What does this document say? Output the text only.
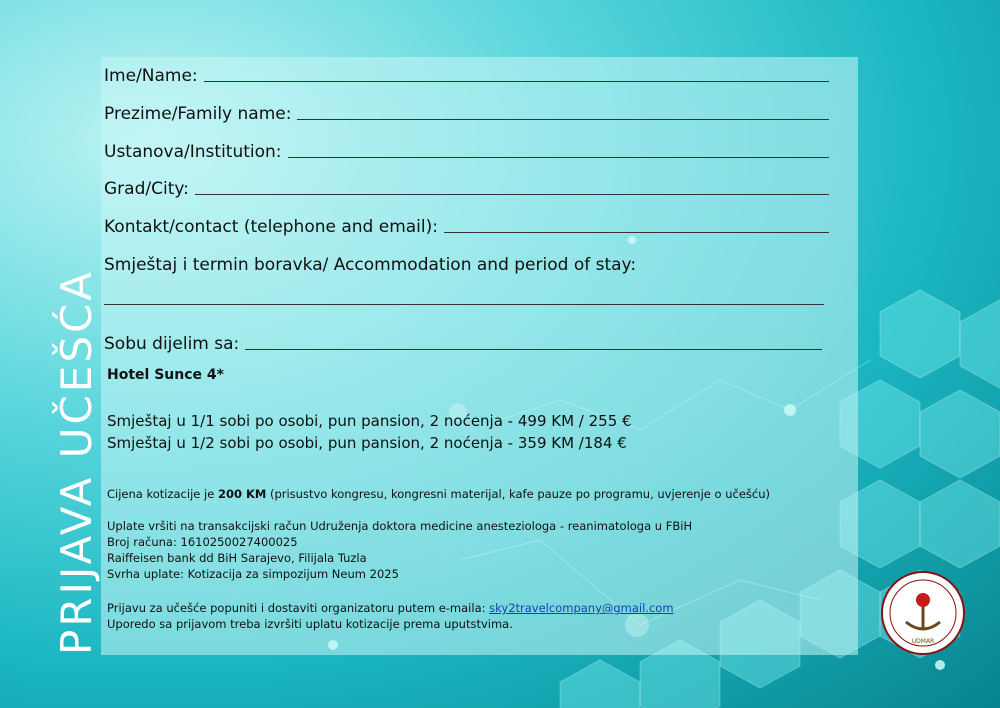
PRIJAVA UČEŠĆA
Ime/Name:
Prezime/Family name:
Ustanova/Institution:
Grad/City:
Kontakt/contact (telephone and email):
Smještaj i termin boravka/ Accommodation and period of stay:
Sobu dijelim sa:
Hotel Sunce 4*
Smještaj u 1/1 sobi po osobi, pun pansion, 2 noćenja - 499 KM / 255 €
Smještaj u 1/2 sobi po osobi, pun pansion, 2 noćenja - 359 KM /184 €
Cijena kotizacije je 200 KM (prisustvo kongresu, kongresni materijal, kafe pauze po programu, uvjerenje o učešću)
Uplate vršiti na transakcijski račun Udruženja doktora medicine anesteziologa - reanimatologa u FBiH
Broj računa: 1610250027400025
Raiffeisen bank dd BiH Sarajevo, Filijala Tuzla
Svrha uplate: Kotizacija za simpozijum Neum 2025
Prijavu za učešće popuniti i dostaviti organizatoru putem e-maila: sky2travelcompany@gmail.com
Uporedo sa prijavom treba izvršiti uplatu kotizacije prema uputstvima.
UDMAR
